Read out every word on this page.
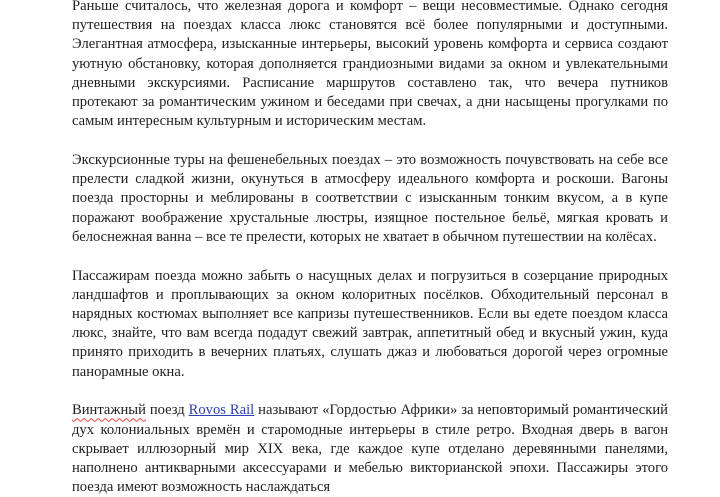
Раньше считалось, что железная дорога и комфорт – вещи несовместимые. Однако сегодня путешествия на поездах класса люкс становятся всё более популярными и доступными. Элегантная атмосфера, изысканные интерьеры, высокий уровень комфорта и сервиса создают уютную обстановку, которая дополняется грандиозными видами за окном и увлекательными дневными экскурсиями. Расписание маршрутов составлено так, что вечера путников протекают за романтическим ужином и беседами при свечах, а дни насыщены прогулками по самым интересным культурным и историческим местам.

Экскурсионные туры на фешенебельных поездах – это возможность почувствовать на себе все прелести сладкой жизни, окунуться в атмосферу идеального комфорта и роскоши. Вагоны поезда просторны и меблированы в соответствии с изысканным тонким вкусом, а в купе поражают воображение хрустальные люстры, изящное постельное бельё, мягкая кровать и белоснежная ванна – все те прелести, которых не хватает в обычном путешествии на колёсах.

Пассажирам поезда можно забыть о насущных делах и погрузиться в созерцание природных ландшафтов и проплывающих за окном колоритных посёлков. Обходительный персонал в нарядных костюмах выполняет все капризы путешественников. Если вы едете поездом класса люкс, знайте, что вам всегда подадут свежий завтрак, аппетитный обед и вкусный ужин, куда принято приходить в вечерних платьях, слушать джаз и любоваться дорогой через огромные панорамные окна.

Винтажный поезд Rovos Rail называют «Гордостью Африки» за неповторимый романтический дух колониальных времён и старомодные интерьеры в стиле ретро. Входная дверь в вагон скрывает иллюзорный мир XIX века, где каждое купе отделано деревянными панелями, наполнено антикварными аксессуарами и мебелью викторианской эпохи. Пассажиры этого поезда имеют возможность наслаждаться
